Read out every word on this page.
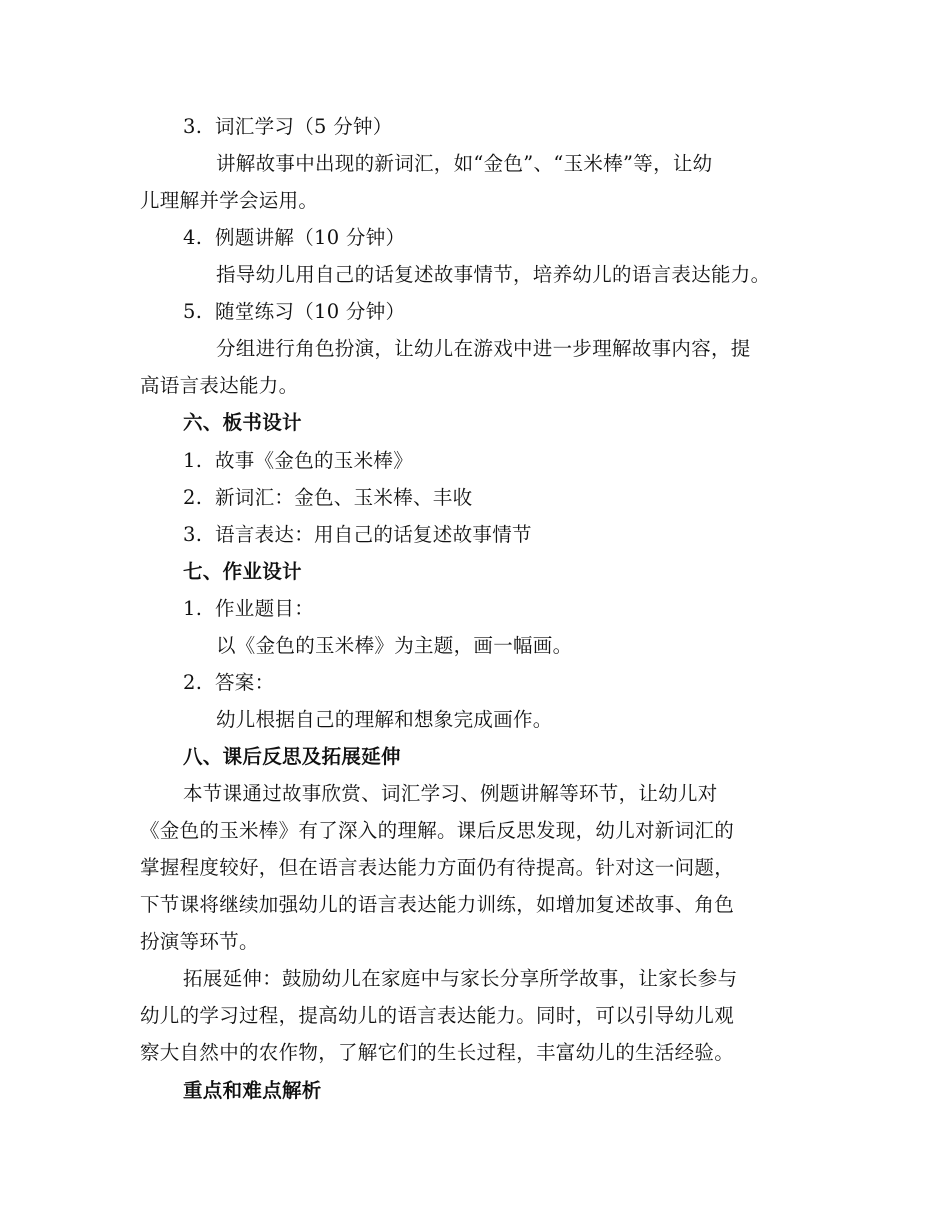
3. 词汇学习（5 分钟）
讲解故事中出现的新词汇，如“金色”、“玉米棒”等，让幼
儿理解并学会运用。
4. 例题讲解（10 分钟）
指导幼儿用自己的话复述故事情节，培养幼儿的语言表达能力。
5. 随堂练习（10 分钟）
分组进行角色扮演，让幼儿在游戏中进一步理解故事内容，提
高语言表达能力。
六、板书设计
1. 故事《金色的玉米棒》
2. 新词汇：金色、玉米棒、丰收
3. 语言表达：用自己的话复述故事情节
七、作业设计
1. 作业题目：
以《金色的玉米棒》为主题，画一幅画。
2. 答案：
幼儿根据自己的理解和想象完成画作。
八、课后反思及拓展延伸
本节课通过故事欣赏、词汇学习、例题讲解等环节，让幼儿对
《金色的玉米棒》有了深入的理解。课后反思发现，幼儿对新词汇的
掌握程度较好，但在语言表达能力方面仍有待提高。针对这一问题，
下节课将继续加强幼儿的语言表达能力训练，如增加复述故事、角色
扮演等环节。
拓展延伸：鼓励幼儿在家庭中与家长分享所学故事，让家长参与
幼儿的学习过程，提高幼儿的语言表达能力。同时，可以引导幼儿观
察大自然中的农作物，了解它们的生长过程，丰富幼儿的生活经验。
重点和难点解析
